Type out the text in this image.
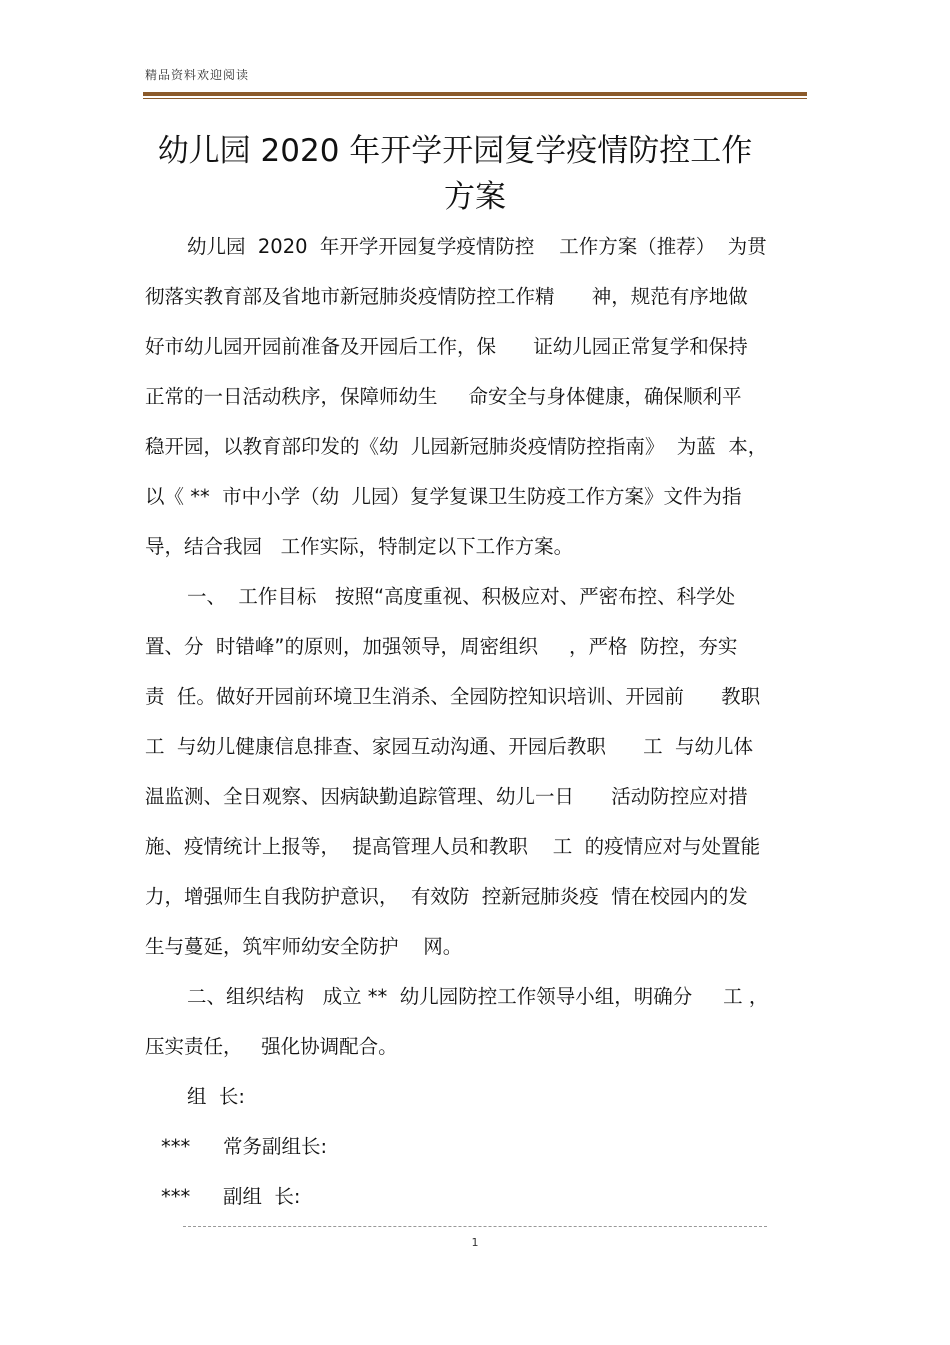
精品资料欢迎阅读
幼儿园 2020 年开学开园复学疫情防控工作
方案
幼儿园  2020  年开学开园复学疫情防控    工作方案（推荐）  为贯
彻落实教育部及省地市新冠肺炎疫情防控工作精      神，规范有序地做
好市幼儿园开园前准备及开园后工作，保      证幼儿园正常复学和保持
正常的一日活动秩序，保障师幼生     命安全与身体健康，确保顺利平
稳开园，以教育部印发的《幼  儿园新冠肺炎疫情防控指南》  为蓝  本，
以《 **  市中小学（幼  儿园）复学复课卫生防疫工作方案》文件为指
导，结合我园   工作实际，特制定以下工作方案。
一、  工作目标   按照“高度重视、积极应对、严密布控、科学处
置、分  时错峰”的原则，加强领导，周密组织     ，严格  防控，夯实
责  任。做好开园前环境卫生消杀、全园防控知识培训、开园前      教职
工  与幼儿健康信息排查、家园互动沟通、开园后教职      工  与幼儿体
温监测、全日观察、因病缺勤追踪管理、幼儿一日      活动防控应对措
施、疫情统计上报等，  提高管理人员和教职    工  的疫情应对与处置能
力，增强师生自我防护意识，  有效防  控新冠肺炎疫  情在校园内的发
生与蔓延，筑牢师幼安全防护    网。
二、组织结构   成立 **  幼儿园防控工作领导小组，明确分     工 ，
压实责任，   强化协调配合。
组  长:
*** 常务副组长:
*** 副组  长:
1
